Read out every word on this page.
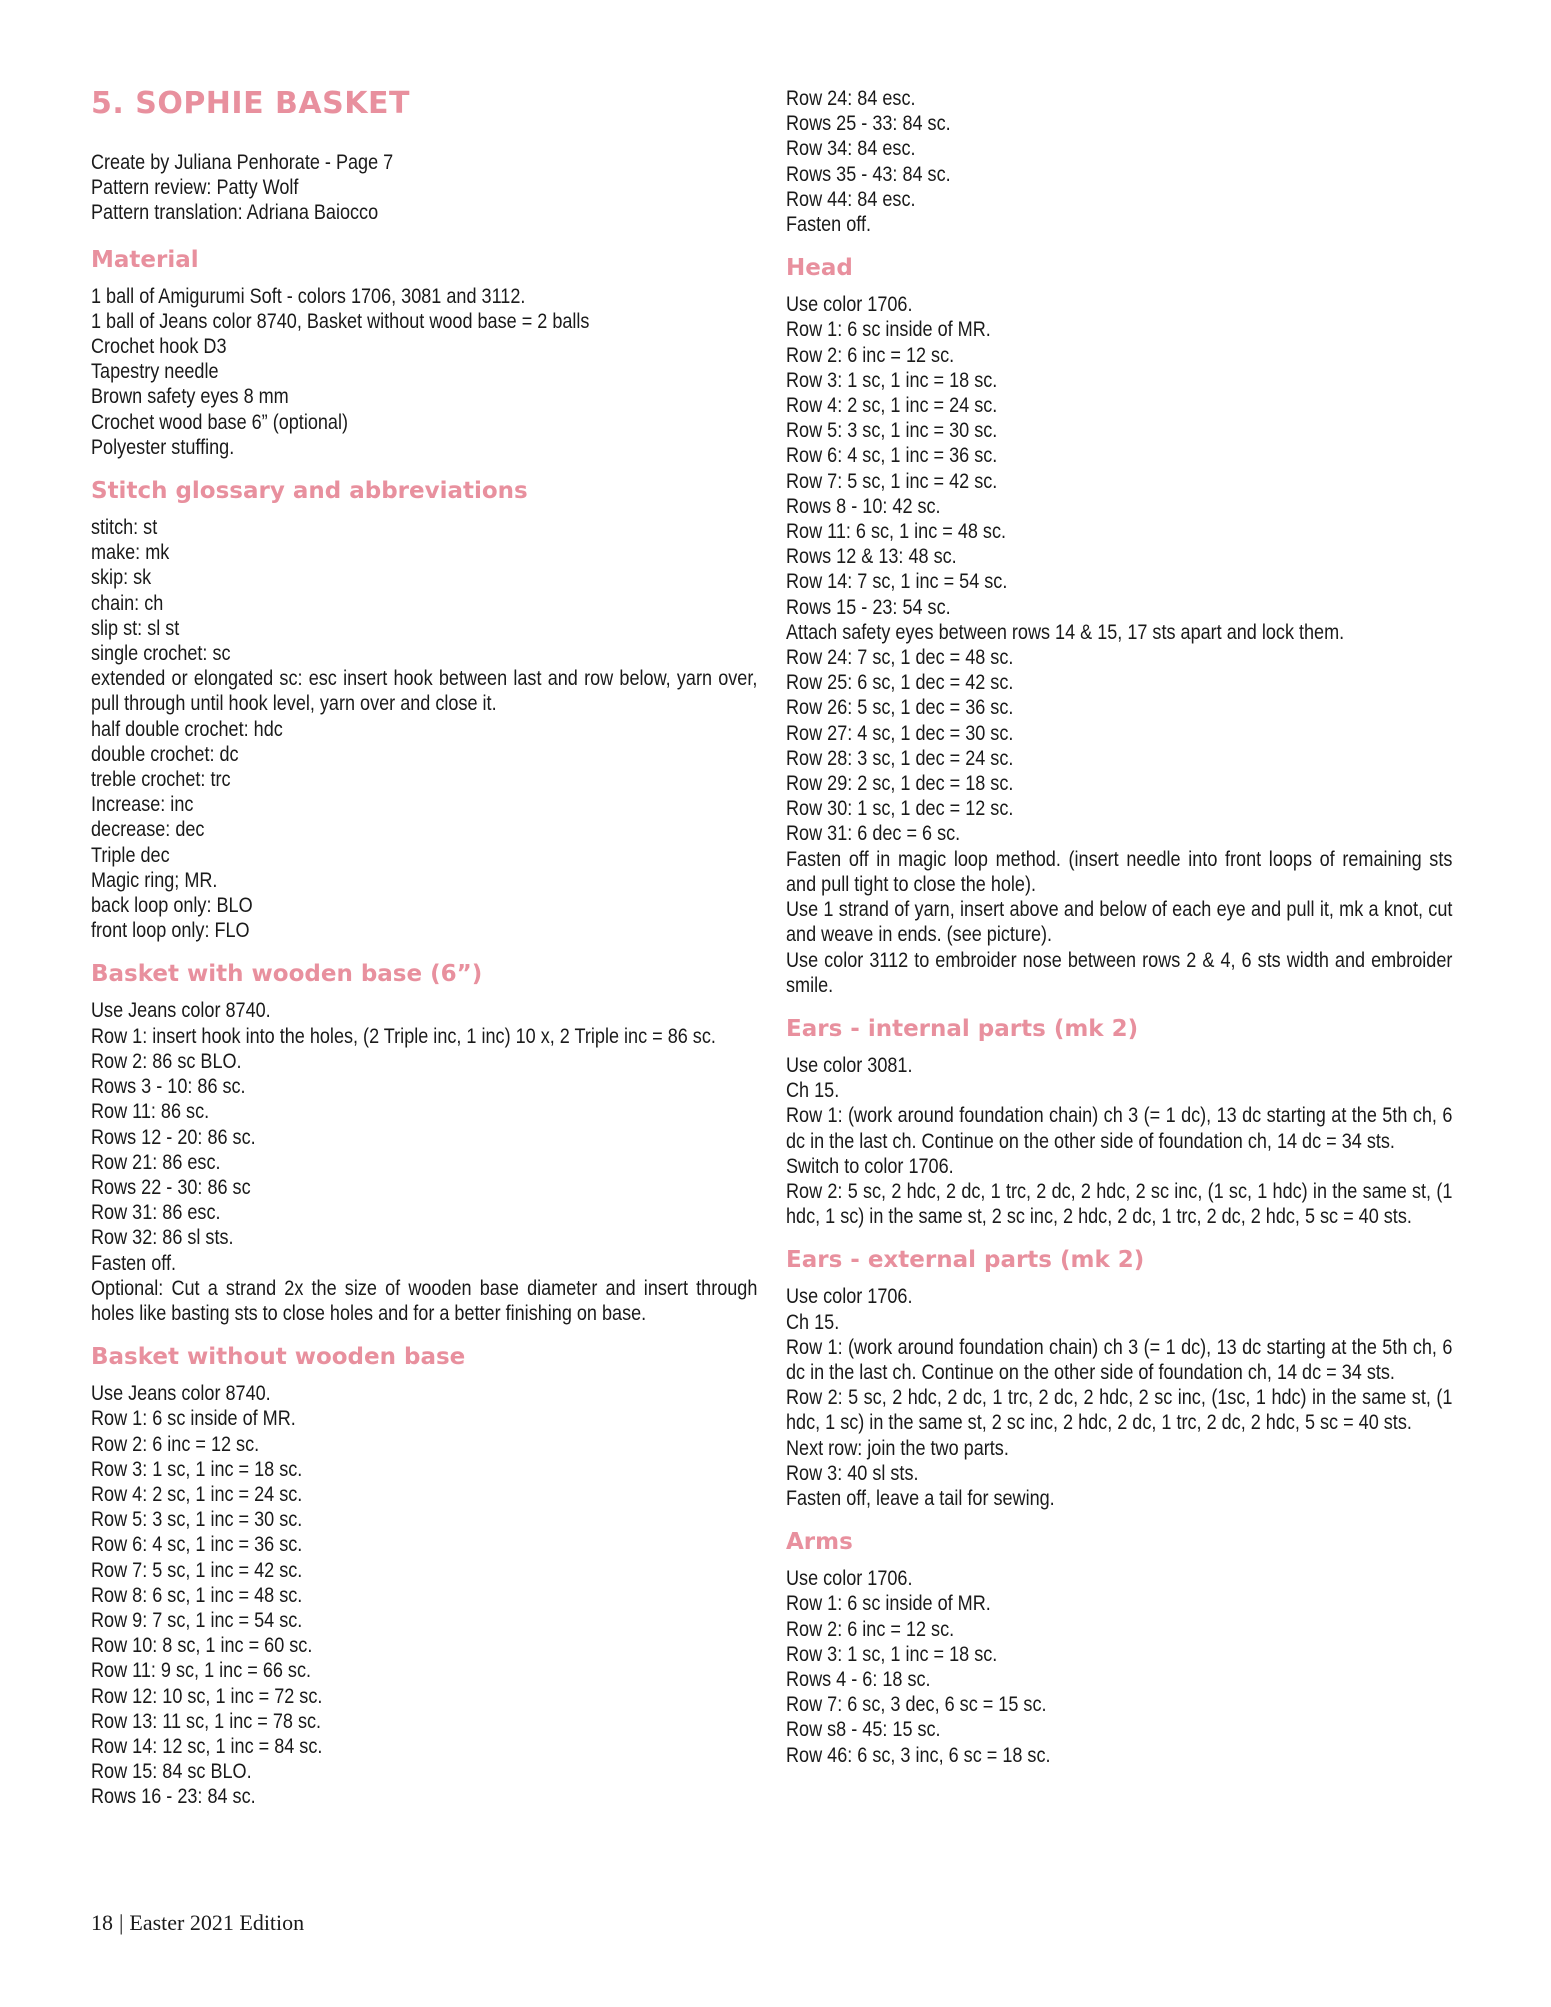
5. SOPHIE BASKET
Create by Juliana Penhorate - Page 7
Pattern review: Patty Wolf
Pattern translation: Adriana Baiocco
Material
1 ball of Amigurumi Soft - colors 1706, 3081 and 3112.
1 ball of Jeans color 8740, Basket without wood base = 2 balls
Crochet hook D3
Tapestry needle
Brown safety eyes 8 mm
Crochet wood base 6” (optional)
Polyester stuffing.
Stitch glossary and abbreviations
stitch: st
make: mk
skip: sk
chain: ch
slip st: sl st
single crochet: sc
extended or elongated sc: esc insert hook between last and row below, yarn over, pull through until hook level, yarn over and close it.
half double crochet: hdc
double crochet: dc
treble crochet: trc
Increase: inc
decrease: dec
Triple dec
Magic ring; MR.
back loop only: BLO
front loop only: FLO
Basket with wooden base (6”)
Use Jeans color 8740.
Row 1: insert hook into the holes, (2 Triple inc, 1 inc) 10 x, 2 Triple inc = 86 sc.
Row 2: 86 sc BLO.
Rows 3 - 10: 86 sc.
Row 11: 86 sc.
Rows 12 - 20: 86 sc.
Row 21: 86 esc.
Rows 22 - 30: 86 sc
Row 31: 86 esc.
Row 32: 86 sl sts.
Fasten off.
Optional: Cut a strand 2x the size of wooden base diameter and insert through holes like basting sts to close holes and for a better finishing on base.
Basket without wooden base
Use Jeans color 8740.
Row 1: 6 sc inside of MR.
Row 2: 6 inc = 12 sc.
Row 3: 1 sc, 1 inc = 18 sc.
Row 4: 2 sc, 1 inc = 24 sc.
Row 5: 3 sc, 1 inc = 30 sc.
Row 6: 4 sc, 1 inc = 36 sc.
Row 7: 5 sc, 1 inc = 42 sc.
Row 8: 6 sc, 1 inc = 48 sc.
Row 9: 7 sc, 1 inc = 54 sc.
Row 10: 8 sc, 1 inc = 60 sc.
Row 11: 9 sc, 1 inc = 66 sc.
Row 12: 10 sc, 1 inc = 72 sc.
Row 13: 11 sc, 1 inc = 78 sc.
Row 14: 12 sc, 1 inc = 84 sc.
Row 15: 84 sc BLO.
Rows 16 - 23: 84 sc.
Row 24: 84 esc.
Rows 25 - 33: 84 sc.
Row 34: 84 esc.
Rows 35 - 43: 84 sc.
Row 44: 84 esc.
Fasten off.
Head
Use color 1706.
Row 1: 6 sc inside of MR.
Row 2: 6 inc = 12 sc.
Row 3: 1 sc, 1 inc = 18 sc.
Row 4: 2 sc, 1 inc = 24 sc.
Row 5: 3 sc, 1 inc = 30 sc.
Row 6: 4 sc, 1 inc = 36 sc.
Row 7: 5 sc, 1 inc = 42 sc.
Rows 8 - 10: 42 sc.
Row 11: 6 sc, 1 inc = 48 sc.
Rows 12 & 13: 48 sc.
Row 14: 7 sc, 1 inc = 54 sc.
Rows 15 - 23: 54 sc.
Attach safety eyes between rows 14 & 15, 17 sts apart and lock them.
Row 24: 7 sc, 1 dec = 48 sc.
Row 25: 6 sc, 1 dec = 42 sc.
Row 26: 5 sc, 1 dec = 36 sc.
Row 27: 4 sc, 1 dec = 30 sc.
Row 28: 3 sc, 1 dec = 24 sc.
Row 29: 2 sc, 1 dec = 18 sc.
Row 30: 1 sc, 1 dec = 12 sc.
Row 31: 6 dec = 6 sc.
Fasten off in magic loop method. (insert needle into front loops of remaining sts and pull tight to close the hole).
Use 1 strand of yarn, insert above and below of each eye and pull it, mk a knot, cut and weave in ends. (see picture).
Use color 3112 to embroider nose between rows 2 & 4, 6 sts width and embroider smile.
Ears - internal parts (mk 2)
Use color 3081.
Ch 15.
Row 1: (work around foundation chain) ch 3 (= 1 dc), 13 dc starting at the 5th ch, 6 dc in the last ch. Continue on the other side of foundation ch, 14 dc = 34 sts.
Switch to color 1706.
Row 2: 5 sc, 2 hdc, 2 dc, 1 trc, 2 dc, 2 hdc, 2 sc inc, (1 sc, 1 hdc) in the same st, (1 hdc, 1 sc) in the same st, 2 sc inc, 2 hdc, 2 dc, 1 trc, 2 dc, 2 hdc, 5 sc = 40 sts.
Ears - external parts (mk 2)
Use color 1706.
Ch 15.
Row 1: (work around foundation chain) ch 3 (= 1 dc), 13 dc starting at the 5th ch, 6 dc in the last ch. Continue on the other side of foundation ch, 14 dc = 34 sts.
Row 2: 5 sc, 2 hdc, 2 dc, 1 trc, 2 dc, 2 hdc, 2 sc inc, (1sc, 1 hdc) in the same st, (1 hdc, 1 sc) in the same st, 2 sc inc, 2 hdc, 2 dc, 1 trc, 2 dc, 2 hdc, 5 sc = 40 sts.
Next row: join the two parts.
Row 3: 40 sl sts.
Fasten off, leave a tail for sewing.
Arms
Use color 1706.
Row 1: 6 sc inside of MR.
Row 2: 6 inc = 12 sc.
Row 3: 1 sc, 1 inc = 18 sc.
Rows 4 - 6: 18 sc.
Row 7: 6 sc, 3 dec, 6 sc = 15 sc.
Row s8 - 45: 15 sc.
Row 46: 6 sc, 3 inc, 6 sc = 18 sc.
18 | Easter 2021 Edition
